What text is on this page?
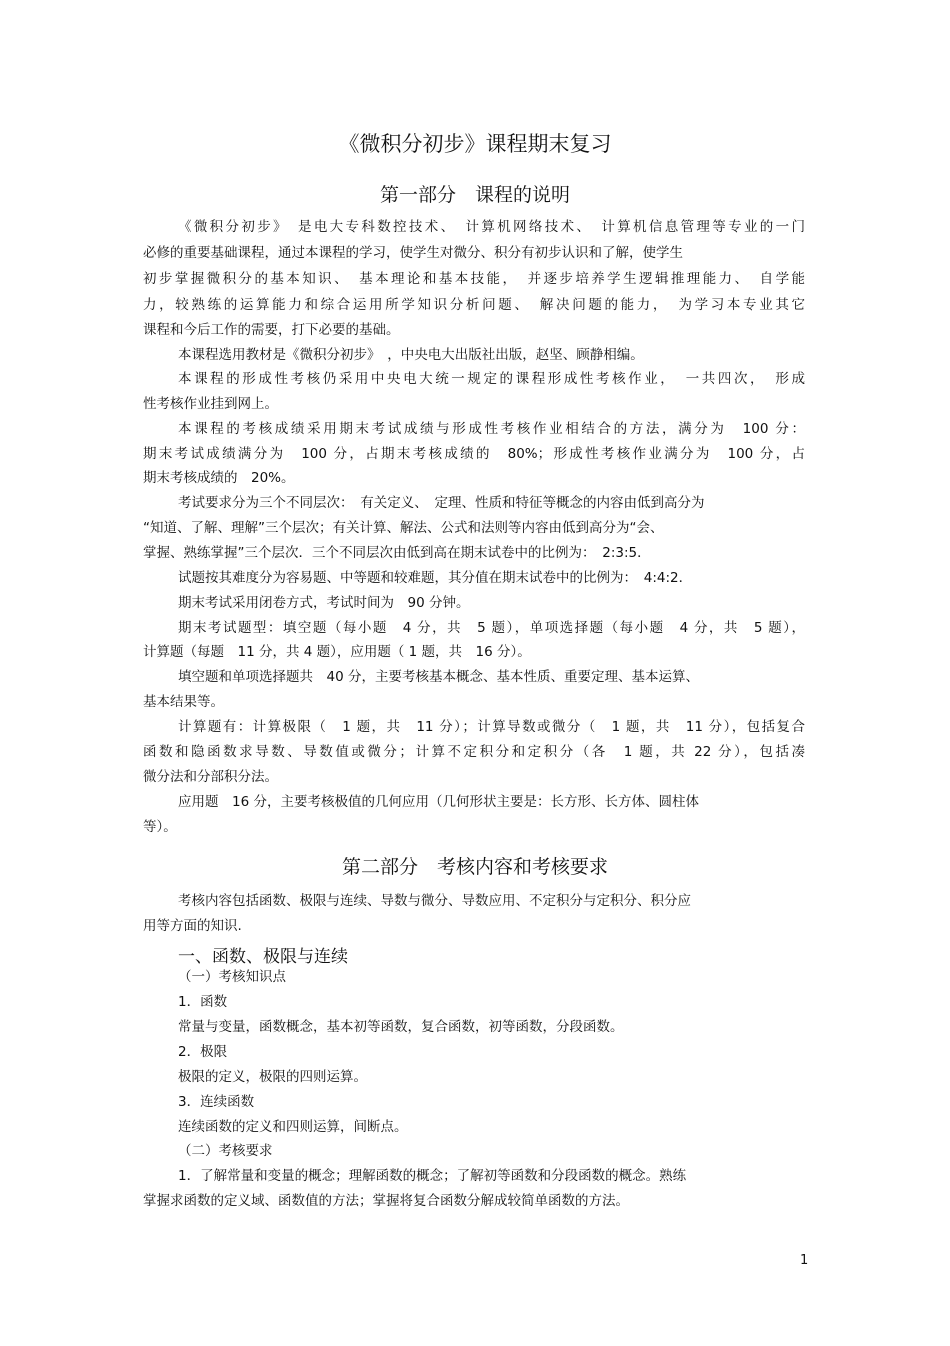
《微积分初步》课程期末复习
第一部分　课程的说明
《微积分初步》　是电大专科数控技术、　计算机网络技术、　计算机信息管理等专业的一门
必修的重要基础课程，通过本课程的学习，使学生对微分、积分有初步认识和了解，使学生
初步掌握微积分的基本知识、　基本理论和基本技能，　并逐步培养学生逻辑推理能力、　自学能
力，较熟练的运算能力和综合运用所学知识分析问题、　解决问题的能力，　为学习本专业其它
课程和今后工作的需要，打下必要的基础。
本课程选用教材是《微积分初步》　，中央电大出版社出版，赵坚、顾静相编。
本课程的形成性考核仍采用中央电大统一规定的课程形成性考核作业，　一共四次，　形成
性考核作业挂到网上。
本课程的考核成绩采用期末考试成绩与形成性考核作业相结合的方法，满分为　100 分：
期末考试成绩满分为　100 分，占期末考核成绩的　80%；形成性考核作业满分为　100 分，占
期末考核成绩的　20%。
考试要求分为三个不同层次：　有关定义、　定理、性质和特征等概念的内容由低到高分为
“知道、了解、理解”三个层次；有关计算、解法、公式和法则等内容由低到高分为“会、
掌握、熟练掌握”三个层次．三个不同层次由低到高在期末试卷中的比例为：　2:3:5．
试题按其难度分为容易题、中等题和较难题，其分值在期末试卷中的比例为：　4:4:2．
期末考试采用闭卷方式，考试时间为　90 分钟。
期末考试题型：填空题（每小题　4 分，共　5 题），单项选择题（每小题　4 分，共　5 题），
计算题（每题　11 分，共 4 题），应用题（ 1 题，共　16 分）。
填空题和单项选择题共　40 分，主要考核基本概念、基本性质、重要定理、基本运算、
基本结果等。
计算题有：计算极限（　1 题，共　11 分）；计算导数或微分（　1 题，共　11 分），包括复合
函数和隐函数求导数、导数值或微分；计算不定积分和定积分（各　1 题，共 22 分），包括凑
微分法和分部积分法。
应用题　16 分，主要考核极值的几何应用（几何形状主要是：长方形、长方体、圆柱体
等）。
第二部分　考核内容和考核要求
考核内容包括函数、极限与连续、导数与微分、导数应用、不定积分与定积分、积分应
用等方面的知识.
一、函数、极限与连续
（一）考核知识点
1．函数
常量与变量，函数概念，基本初等函数，复合函数，初等函数，分段函数。
2．极限
极限的定义，极限的四则运算。
3．连续函数
连续函数的定义和四则运算，间断点。
（二）考核要求
1．了解常量和变量的概念；理解函数的概念；了解初等函数和分段函数的概念。熟练
掌握求函数的定义域、函数值的方法；掌握将复合函数分解成较简单函数的方法。
1
